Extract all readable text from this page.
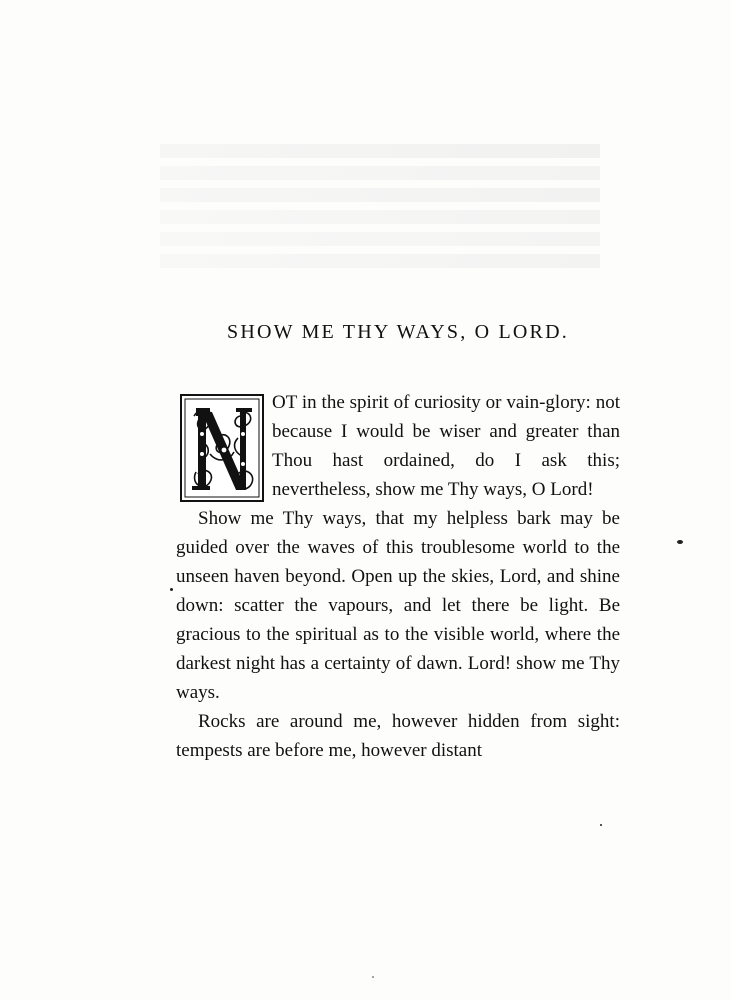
SHOW ME THY WAYS, O LORD.

OT in the spirit of curiosity or vain-glory: not because I would be wiser and greater than Thou hast ordained, do I ask this; nevertheless, show me Thy ways, O Lord!

Show me Thy ways, that my helpless bark may be guided over the waves of this troublesome world to the unseen haven beyond. Open up the skies, Lord, and shine down: scatter the vapours, and let there be light. Be gracious to the spiritual as to the visible world, where the darkest night has a certainty of dawn. Lord! show me Thy ways.

Rocks are around me, however hidden from sight: tempests are before me, however distant
